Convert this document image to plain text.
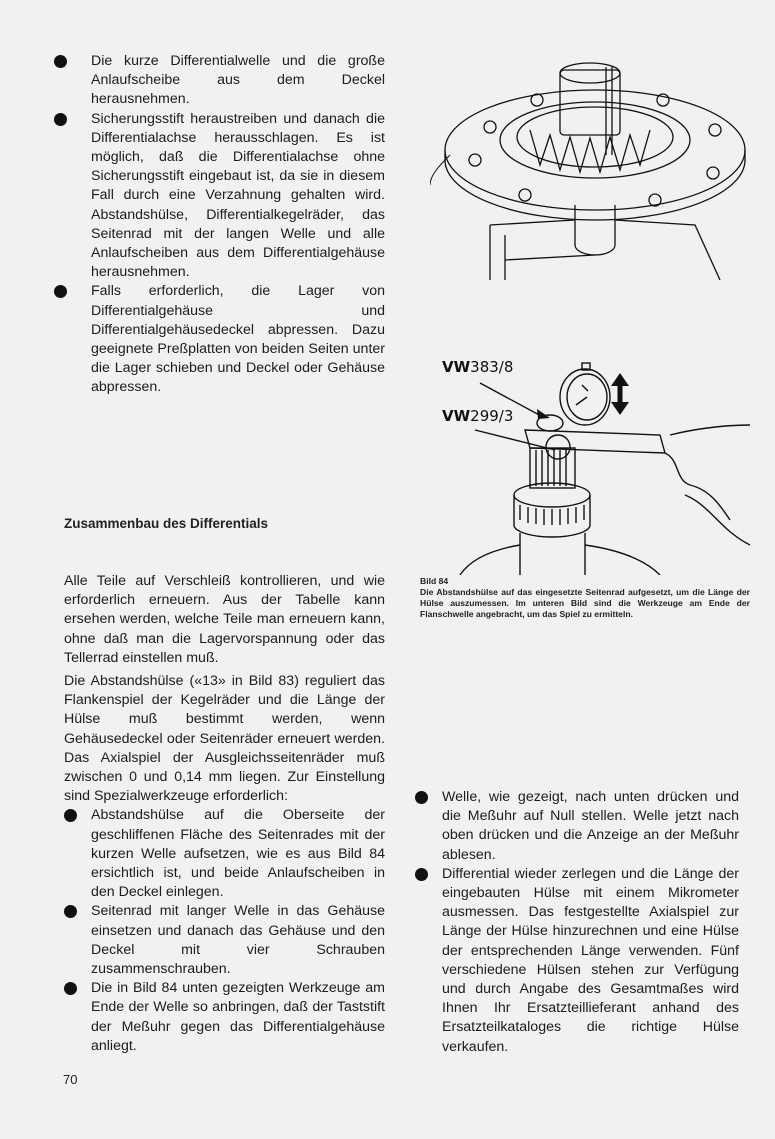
Die kurze Differentialwelle und die große Anlaufscheibe aus dem Deckel herausnehmen.

Sicherungsstift heraustreiben und danach die Differentialachse herausschlagen. Es ist möglich, daß die Differentialachse ohne Sicherungsstift eingebaut ist, da sie in diesem Fall durch eine Verzahnung gehalten wird. Abstandshülse, Differentialkegelräder, das Seitenrad mit der langen Welle und alle Anlaufscheiben aus dem Differentialgehäuse herausnehmen.

Falls erforderlich, die Lager von Differentialgehäuse und Differentialgehäusedeckel abpressen. Dazu geeignete Preßplatten von beiden Seiten unter die Lager schieben und Deckel oder Gehäuse abpressen.

VW383/8
VW299/3
Bild 84
Die Abstandshülse auf das eingesetzte Seitenrad aufgesetzt, um die Länge der Hülse auszumessen. Im unteren Bild sind die Werkzeuge am Ende der Flanschwelle angebracht, um das Spiel zu ermitteln.
Zusammenbau des Differentials

Alle Teile auf Verschleiß kontrollieren, und wie erforderlich erneuern. Aus der Tabelle kann ersehen werden, welche Teile man erneuern kann, ohne daß man die Lagervorspannung oder das Tellerrad einstellen muß.

Die Abstandshülse («13» in Bild 83) reguliert das Flankenspiel der Kegelräder und die Länge der Hülse muß bestimmt werden, wenn Gehäusedeckel oder Seitenräder erneuert werden. Das Axialspiel der Ausgleichsseitenräder muß zwischen 0 und 0,14 mm liegen. Zur Einstellung sind Spezialwerkzeuge erforderlich:

Abstandshülse auf die Oberseite der geschliffenen Fläche des Seitenrades mit der kurzen Welle aufsetzen, wie es aus Bild 84 ersichtlich ist, und beide Anlaufscheiben in den Deckel einlegen.

Seitenrad mit langer Welle in das Gehäuse einsetzen und danach das Gehäuse und den Deckel mit vier Schrauben zusammenschrauben.

Die in Bild 84 unten gezeigten Werkzeuge am Ende der Welle so anbringen, daß der Taststift der Meßuhr gegen das Differentialgehäuse anliegt.

Welle, wie gezeigt, nach unten drücken und die Meßuhr auf Null stellen. Welle jetzt nach oben drücken und die Anzeige an der Meßuhr ablesen.

Differential wieder zerlegen und die Länge der eingebauten Hülse mit einem Mikrometer ausmessen. Das festgestellte Axialspiel zur Länge der Hülse hinzurechnen und eine Hülse der entsprechenden Länge verwenden. Fünf verschiedene Hülsen stehen zur Verfügung und durch Angabe des Gesamtmaßes wird Ihnen Ihr Ersatzteillieferant anhand des Ersatzteilkataloges die richtige Hülse verkaufen.

70
